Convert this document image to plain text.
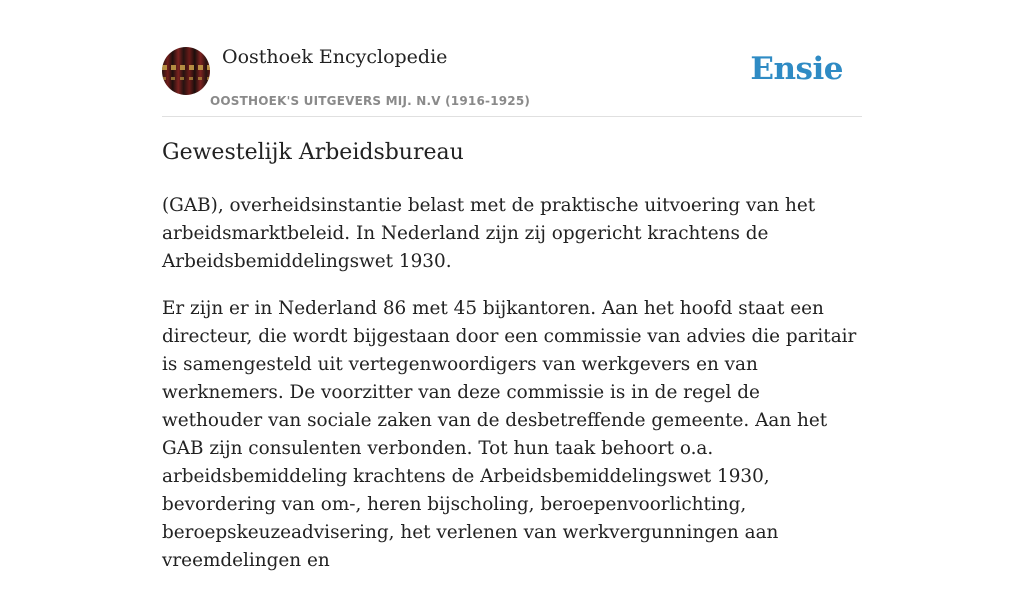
Oosthoek Encyclopedie
OOSTHOEK'S UITGEVERS MIJ. N.V (1916-1925)
Ensie
Gewestelijk Arbeidsbureau

(GAB), overheidsinstantie belast met de praktische uitvoering van het arbeidsmarktbeleid. In Nederland zijn zij opgericht krachtens de Arbeidsbemiddelingswet 1930.

Er zijn er in Nederland 86 met 45 bijkantoren. Aan het hoofd staat een directeur, die wordt bijgestaan door een commissie van advies die paritair is samengesteld uit vertegenwoordigers van werkgevers en van werknemers. De voorzitter van deze commissie is in de regel de wethouder van sociale zaken van de desbetreffende gemeente. Aan het GAB zijn consulenten verbonden. Tot hun taak behoort o.a. arbeidsbemiddeling krachtens de Arbeidsbemiddelingswet 1930, bevordering van om-, heren bijscholing, beroepenvoorlichting, beroepskeuzeadvisering, het verlenen van werkvergunningen aan vreemdelingen en
